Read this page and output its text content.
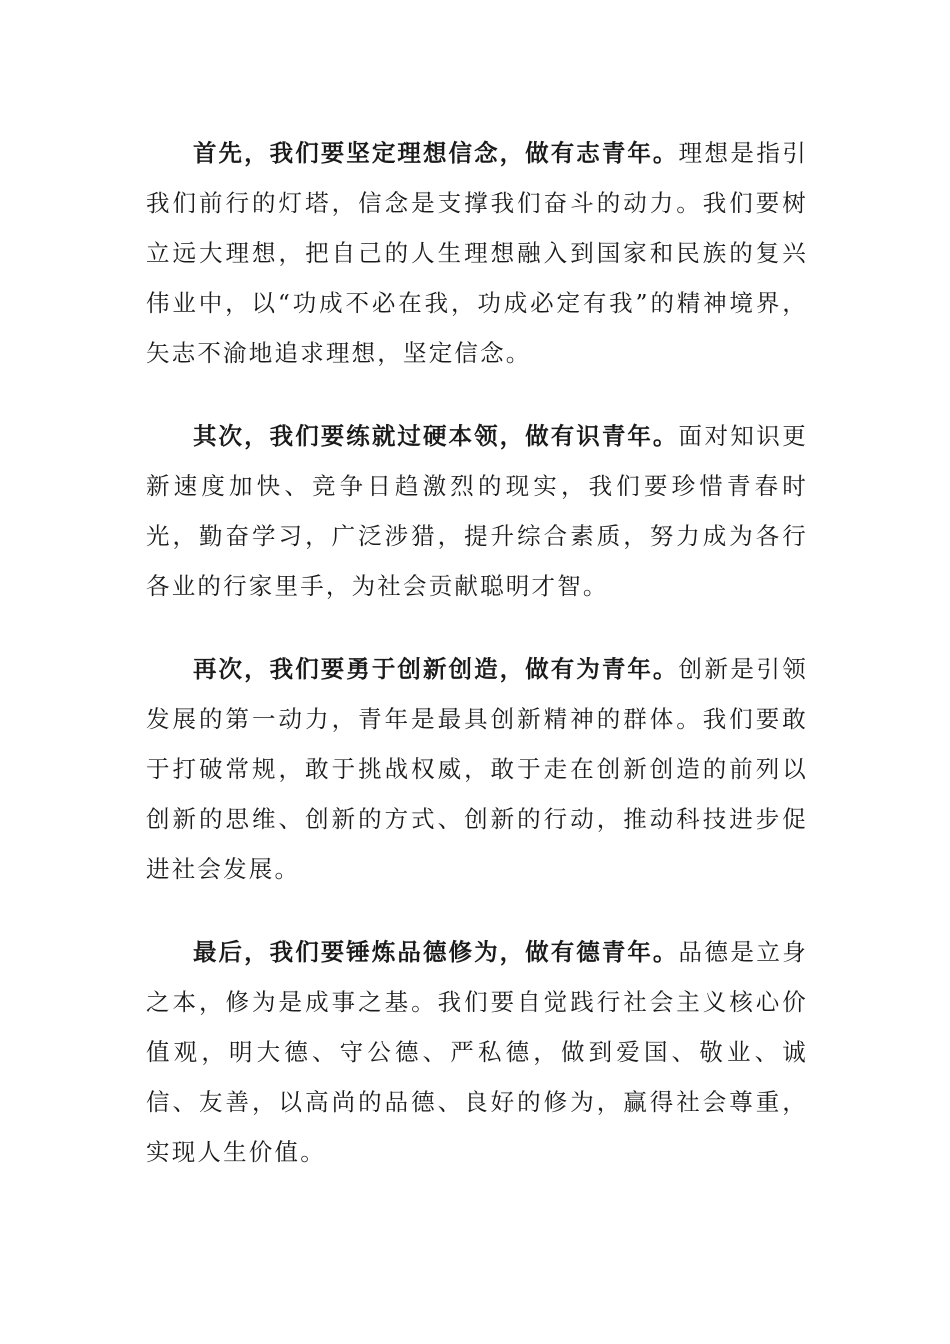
首先，我们要坚定理想信念，做有志青年。理想是指引我们前行的灯塔，信念是支撑我们奋斗的动力。我们要树立远大理想，把自己的人生理想融入到国家和民族的复兴伟业中，以“功成不必在我，功成必定有我”的精神境界，矢志不渝地追求理想，坚定信念。

其次，我们要练就过硬本领，做有识青年。面对知识更新速度加快、竞争日趋激烈的现实，我们要珍惜青春时光，勤奋学习，广泛涉猎，提升综合素质，努力成为各行各业的行家里手，为社会贡献聪明才智。

再次，我们要勇于创新创造，做有为青年。创新是引领发展的第一动力，青年是最具创新精神的群体。我们要敢于打破常规，敢于挑战权威，敢于走在创新创造的前列以创新的思维、创新的方式、创新的行动，推动科技进步促进社会发展。

最后，我们要锤炼品德修为，做有德青年。品德是立身之本，修为是成事之基。我们要自觉践行社会主义核心价值观，明大德、守公德、严私德，做到爱国、敬业、诚信、友善，以高尚的品德、良好的修为，赢得社会尊重，实现人生价值。
